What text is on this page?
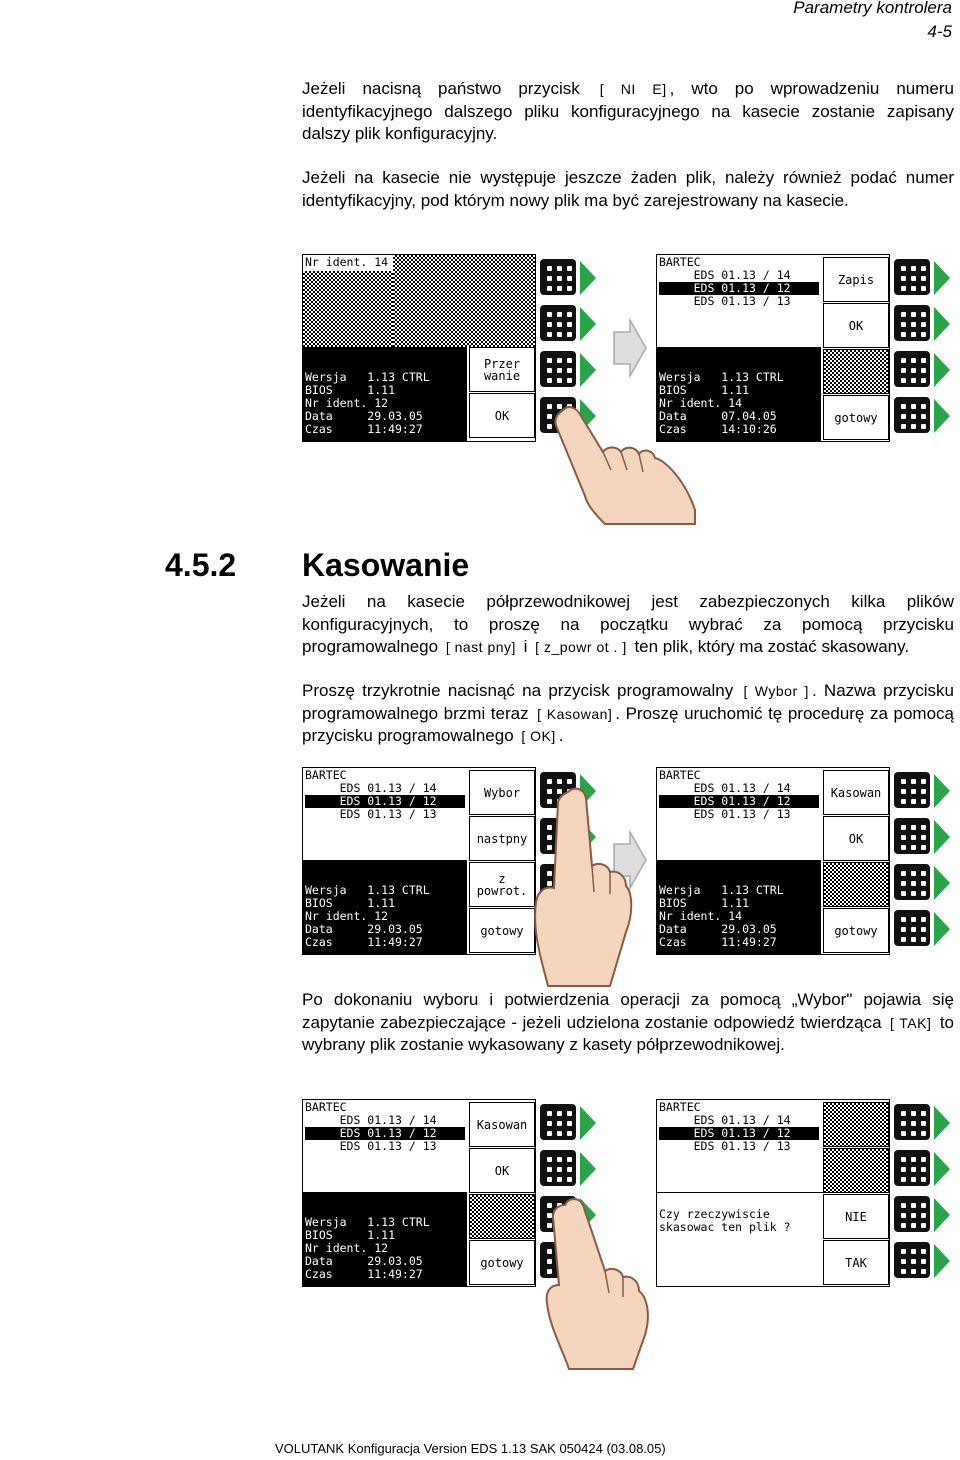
Parametry kontrolera
4-5

Jeżeli nacisną państwo przycisk [ NI E] , wto po wprowadzeniu numeru identyfikacyjnego dalszego pliku konfiguracyjnego na kasecie zostanie zapisany dalszy plik konfiguracyjny.

Jeżeli na kasecie nie występuje jeszcze żaden plik, należy również podać numer identyfikacyjny, pod którym nowy plik ma być zarejestrowany na kasecie.

Nr ident. 14
Wersja   1.13 CTRL
BIOS     1.11
Nr ident. 12
Data     29.03.05
Czas     11:49:27
Przer
wanie
OK
BARTEC
EDS 01.13 / 14
EDS 01.13 / 12
EDS 01.13 / 13
Wersja   1.13 CTRL
BIOS     1.11
Nr ident. 14
Data     07.04.05
Czas     14:10:26
Zapis
OK
gotowy
4.5.2 Kasowanie

Jeżeli na kasecie półprzewodnikowej jest zabezpieczonych kilka plików konfiguracyjnych, to proszę na początku wybrać za pomocą przycisku programowalnego [ nast pny] i [ z_powr ot . ] ten plik, który ma zostać skasowany.

Proszę trzykrotnie nacisnąć na przycisk programowalny [ Wybor ] . Nazwa przycisku programowalnego brzmi teraz [ Kasowan] . Proszę uruchomić tę procedurę za pomocą przycisku programowalnego [ OK] .

BARTEC
EDS 01.13 / 14
EDS 01.13 / 12
EDS 01.13 / 13
Wersja   1.13 CTRL
BIOS     1.11
Nr ident. 12
Data     29.03.05
Czas     11:49:27
Wybor
nastpny
z
powrot.
gotowy
BARTEC
EDS 01.13 / 14
EDS 01.13 / 12
EDS 01.13 / 13
Wersja   1.13 CTRL
BIOS     1.11
Nr ident. 14
Data     29.03.05
Czas     11:49:27
Kasowan
OK
gotowy

Po dokonaniu wyboru i potwierdzenia operacji za pomocą „Wybor" pojawia się zapytanie zabezpieczające - jeżeli udzielona zostanie odpowiedź twierdząca [ TAK] to wybrany plik zostanie wykasowany z kasety półprzewodnikowej.

BARTEC
EDS 01.13 / 14
EDS 01.13 / 12
EDS 01.13 / 13
Wersja   1.13 CTRL
BIOS     1.11
Nr ident. 12
Data     29.03.05
Czas     11:49:27
Kasowan
OK
gotowy
BARTEC
EDS 01.13 / 14
EDS 01.13 / 12
EDS 01.13 / 13
Czy rzeczywiscie
skasowac ten plik ?
NIE
TAK
VOLUTANK Konfiguracja Version EDS 1.13 SAK 050424 (03.08.05)
